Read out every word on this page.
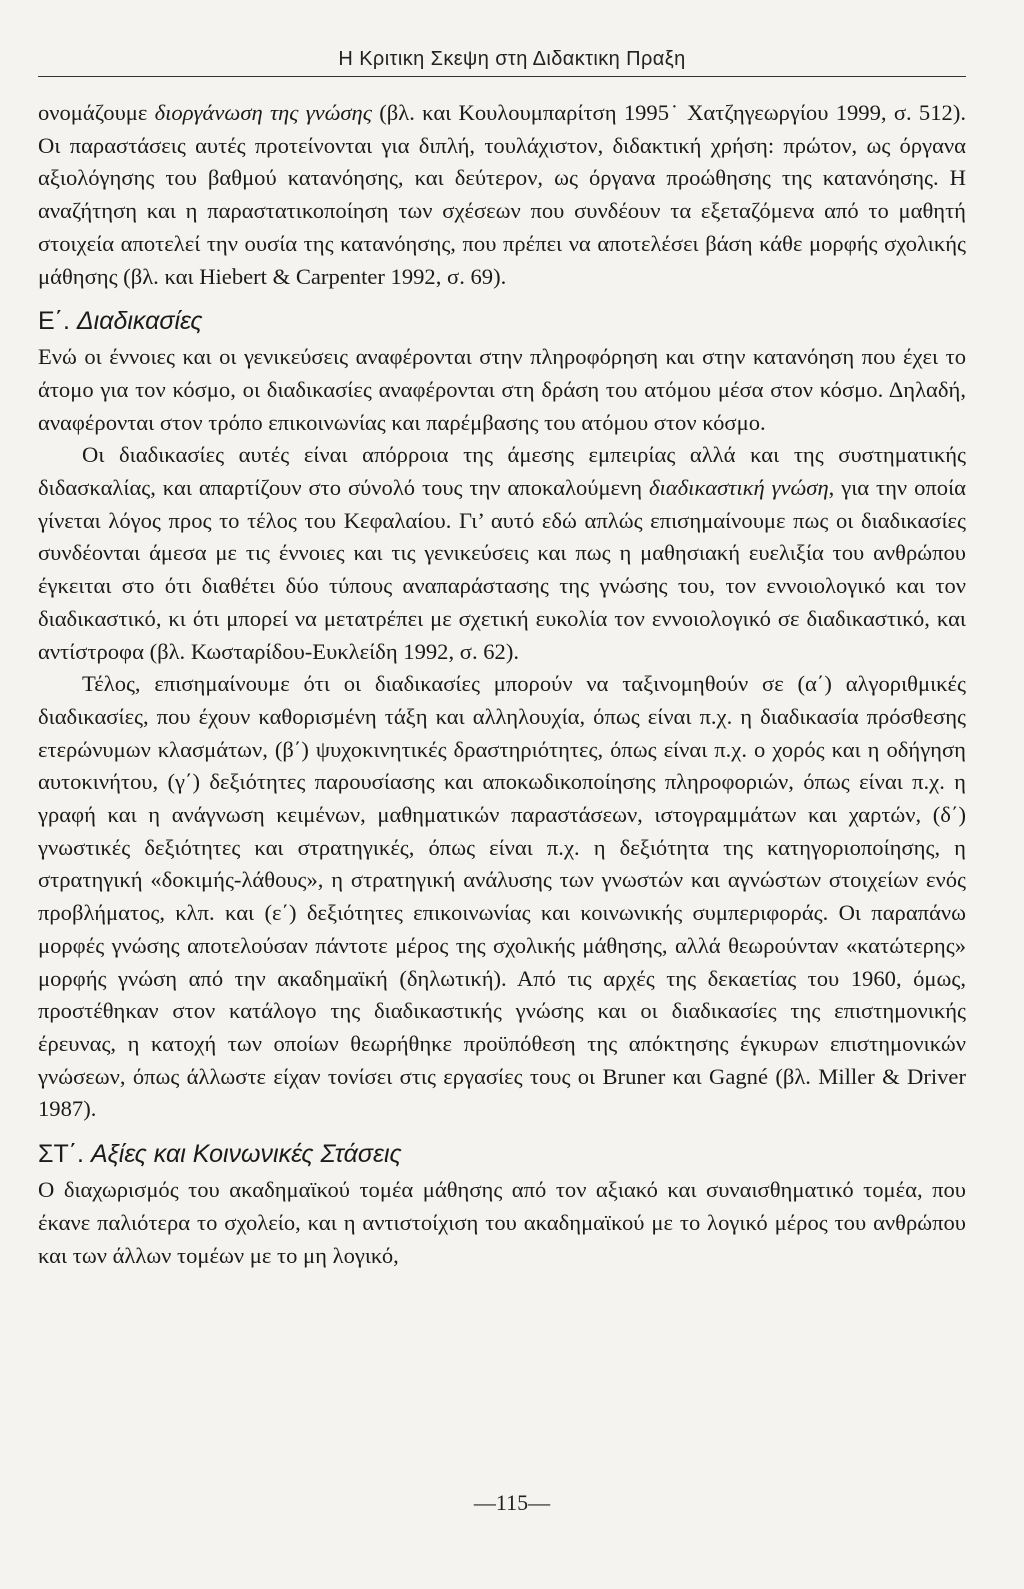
Η Κριτικη Σκεψη στη Διδακτικη Πραξη

ονομάζουμε διοργάνωση της γνώσης (βλ. και Κουλουμπαρίτση 1995˙ Χατζηγεωργίου 1999, σ. 512). Οι παραστάσεις αυτές προτείνονται για διπλή, τουλάχιστον, διδακτική χρήση: πρώτον, ως όργανα αξιολόγησης του βαθμού κατανόησης, και δεύτερον, ως όργανα προώθησης της κατανόησης. Η αναζήτηση και η παραστατικοποίηση των σχέσεων που συνδέουν τα εξεταζόμενα από το μαθητή στοιχεία αποτελεί την ουσία της κατανόησης, που πρέπει να αποτελέσει βάση κάθε μορφής σχολικής μάθησης (βλ. και Hiebert & Carpenter 1992, σ. 69).

Ε΄. Διαδικασίες

Ενώ οι έννοιες και οι γενικεύσεις αναφέρονται στην πληροφόρηση και στην κατανόηση που έχει το άτομο για τον κόσμο, οι διαδικασίες αναφέρονται στη δράση του ατόμου μέσα στον κόσμο. Δηλαδή, αναφέρονται στον τρόπο επικοινωνίας και παρέμβασης του ατόμου στον κόσμο.

Οι διαδικασίες αυτές είναι απόρροια της άμεσης εμπειρίας αλλά και της συστηματικής διδασκαλίας, και απαρτίζουν στο σύνολό τους την αποκαλούμενη διαδικαστική γνώση, για την οποία γίνεται λόγος προς το τέλος του Κεφαλαίου. Γι’ αυτό εδώ απλώς επισημαίνουμε πως οι διαδικασίες συνδέονται άμεσα με τις έννοιες και τις γενικεύσεις και πως η μαθησιακή ευελιξία του ανθρώπου έγκειται στο ότι διαθέτει δύο τύπους αναπαράστασης της γνώσης του, τον εννοιολογικό και τον διαδικαστικό, κι ότι μπορεί να μετατρέπει με σχετική ευκολία τον εννοιολογικό σε διαδικαστικό, και αντίστροφα (βλ. Κωσταρίδου-Ευκλείδη 1992, σ. 62).

Τέλος, επισημαίνουμε ότι οι διαδικασίες μπορούν να ταξινομηθούν σε (α΄) αλγοριθμικές διαδικασίες, που έχουν καθορισμένη τάξη και αλληλουχία, όπως είναι π.χ. η διαδικασία πρόσθεσης ετερώνυμων κλασμάτων, (β΄) ψυχοκινητικές δραστηριότητες, όπως είναι π.χ. ο χορός και η οδήγηση αυτοκινήτου, (γ΄) δεξιότητες παρουσίασης και αποκωδικοποίησης πληροφοριών, όπως είναι π.χ. η γραφή και η ανάγνωση κειμένων, μαθηματικών παραστάσεων, ιστογραμμάτων και χαρτών, (δ΄) γνωστικές δεξιότητες και στρατηγικές, όπως είναι π.χ. η δεξιότητα της κατηγοριοποίησης, η στρατηγική «δοκιμής-λάθους», η στρατηγική ανάλυσης των γνωστών και αγνώστων στοιχείων ενός προβλήματος, κλπ. και (ε΄) δεξιότητες επικοινωνίας και κοινωνικής συμπεριφοράς. Οι παραπάνω μορφές γνώσης αποτελούσαν πάντοτε μέρος της σχολικής μάθησης, αλλά θεωρούνταν «κατώτερης» μορφής γνώση από την ακαδημαϊκή (δηλωτική). Από τις αρχές της δεκαετίας του 1960, όμως, προστέθηκαν στον κατάλογο της διαδικαστικής γνώσης και οι διαδικασίες της επιστημονικής έρευνας, η κατοχή των οποίων θεωρήθηκε προϋπόθεση της απόκτησης έγκυρων επιστημονικών γνώσεων, όπως άλλωστε είχαν τονίσει στις εργασίες τους οι Bruner και Gagné (βλ. Miller & Driver 1987).

ΣΤ΄. Αξίες και Κοινωνικές Στάσεις

Ο διαχωρισμός του ακαδημαϊκού τομέα μάθησης από τον αξιακό και συναισθηματικό τομέα, που έκανε παλιότερα το σχολείο, και η αντιστοίχιση του ακαδημαϊκού με το λογικό μέρος του ανθρώπου και των άλλων τομέων με το μη λογικό,

—115—
